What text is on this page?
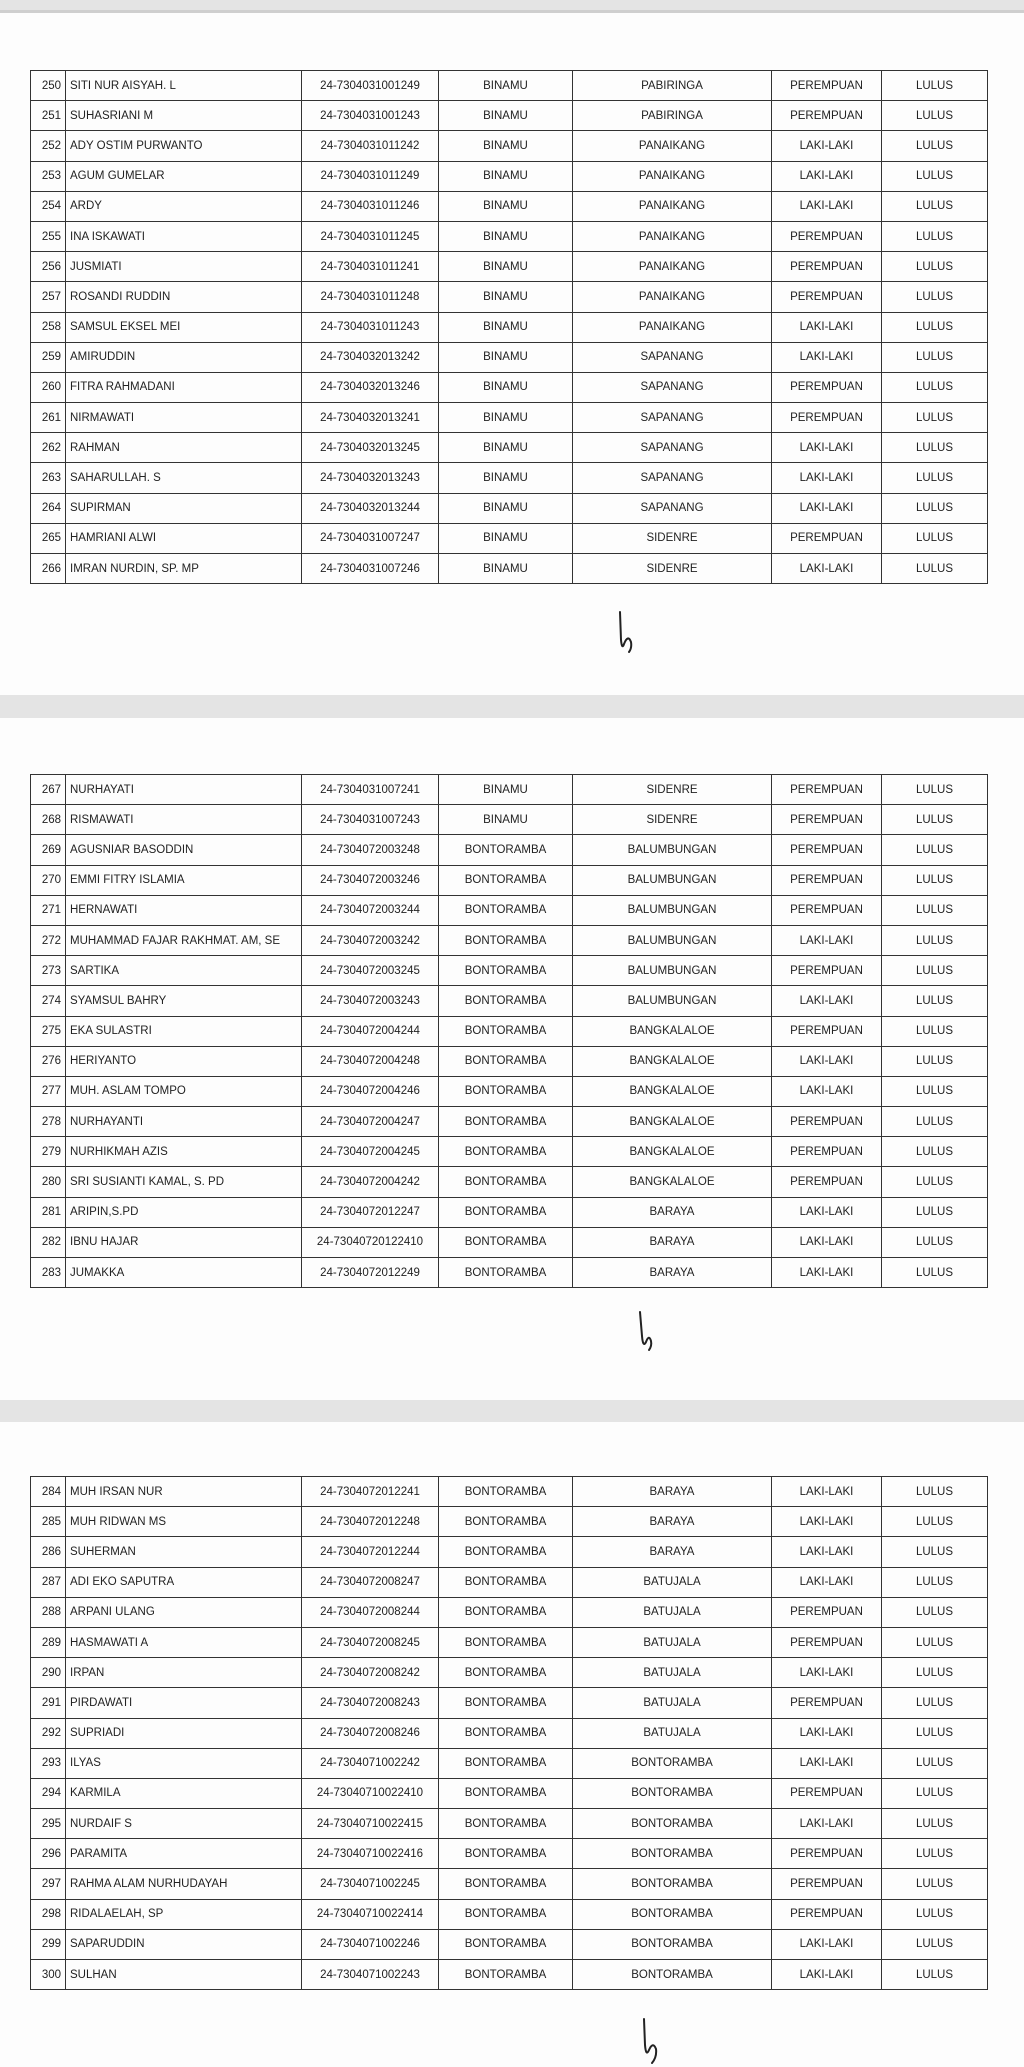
250	SITI NUR AISYAH. L	24-7304031001249	BINAMU	PABIRINGA	PEREMPUAN	LULUS
251	SUHASRIANI M	24-7304031001243	BINAMU	PABIRINGA	PEREMPUAN	LULUS
252	ADY OSTIM PURWANTO	24-7304031011242	BINAMU	PANAIKANG	LAKI-LAKI	LULUS
253	AGUM GUMELAR	24-7304031011249	BINAMU	PANAIKANG	LAKI-LAKI	LULUS
254	ARDY	24-7304031011246	BINAMU	PANAIKANG	LAKI-LAKI	LULUS
255	INA ISKAWATI	24-7304031011245	BINAMU	PANAIKANG	PEREMPUAN	LULUS
256	JUSMIATI	24-7304031011241	BINAMU	PANAIKANG	PEREMPUAN	LULUS
257	ROSANDI RUDDIN	24-7304031011248	BINAMU	PANAIKANG	PEREMPUAN	LULUS
258	SAMSUL EKSEL MEI	24-7304031011243	BINAMU	PANAIKANG	LAKI-LAKI	LULUS
259	AMIRUDDIN	24-7304032013242	BINAMU	SAPANANG	LAKI-LAKI	LULUS
260	FITRA RAHMADANI	24-7304032013246	BINAMU	SAPANANG	PEREMPUAN	LULUS
261	NIRMAWATI	24-7304032013241	BINAMU	SAPANANG	PEREMPUAN	LULUS
262	RAHMAN	24-7304032013245	BINAMU	SAPANANG	LAKI-LAKI	LULUS
263	SAHARULLAH. S	24-7304032013243	BINAMU	SAPANANG	LAKI-LAKI	LULUS
264	SUPIRMAN	24-7304032013244	BINAMU	SAPANANG	LAKI-LAKI	LULUS
265	HAMRIANI ALWI	24-7304031007247	BINAMU	SIDENRE	PEREMPUAN	LULUS
266	IMRAN NURDIN, SP. MP	24-7304031007246	BINAMU	SIDENRE	LAKI-LAKI	LULUS
267	NURHAYATI	24-7304031007241	BINAMU	SIDENRE	PEREMPUAN	LULUS
268	RISMAWATI	24-7304031007243	BINAMU	SIDENRE	PEREMPUAN	LULUS
269	AGUSNIAR BASODDIN	24-7304072003248	BONTORAMBA	BALUMBUNGAN	PEREMPUAN	LULUS
270	EMMI FITRY ISLAMIA	24-7304072003246	BONTORAMBA	BALUMBUNGAN	PEREMPUAN	LULUS
271	HERNAWATI	24-7304072003244	BONTORAMBA	BALUMBUNGAN	PEREMPUAN	LULUS
272	MUHAMMAD FAJAR RAKHMAT. AM, SE	24-7304072003242	BONTORAMBA	BALUMBUNGAN	LAKI-LAKI	LULUS
273	SARTIKA	24-7304072003245	BONTORAMBA	BALUMBUNGAN	PEREMPUAN	LULUS
274	SYAMSUL BAHRY	24-7304072003243	BONTORAMBA	BALUMBUNGAN	LAKI-LAKI	LULUS
275	EKA SULASTRI	24-7304072004244	BONTORAMBA	BANGKALALOE	PEREMPUAN	LULUS
276	HERIYANTO	24-7304072004248	BONTORAMBA	BANGKALALOE	LAKI-LAKI	LULUS
277	MUH. ASLAM TOMPO	24-7304072004246	BONTORAMBA	BANGKALALOE	LAKI-LAKI	LULUS
278	NURHAYANTI	24-7304072004247	BONTORAMBA	BANGKALALOE	PEREMPUAN	LULUS
279	NURHIKMAH AZIS	24-7304072004245	BONTORAMBA	BANGKALALOE	PEREMPUAN	LULUS
280	SRI SUSIANTI KAMAL, S. PD	24-7304072004242	BONTORAMBA	BANGKALALOE	PEREMPUAN	LULUS
281	ARIPIN,S.PD	24-7304072012247	BONTORAMBA	BARAYA	LAKI-LAKI	LULUS
282	IBNU HAJAR	24-73040720122410	BONTORAMBA	BARAYA	LAKI-LAKI	LULUS
283	JUMAKKA	24-7304072012249	BONTORAMBA	BARAYA	LAKI-LAKI	LULUS
284	MUH IRSAN NUR	24-7304072012241	BONTORAMBA	BARAYA	LAKI-LAKI	LULUS
285	MUH RIDWAN MS	24-7304072012248	BONTORAMBA	BARAYA	LAKI-LAKI	LULUS
286	SUHERMAN	24-7304072012244	BONTORAMBA	BARAYA	LAKI-LAKI	LULUS
287	ADI EKO SAPUTRA	24-7304072008247	BONTORAMBA	BATUJALA	LAKI-LAKI	LULUS
288	ARPANI ULANG	24-7304072008244	BONTORAMBA	BATUJALA	PEREMPUAN	LULUS
289	HASMAWATI A	24-7304072008245	BONTORAMBA	BATUJALA	PEREMPUAN	LULUS
290	IRPAN	24-7304072008242	BONTORAMBA	BATUJALA	LAKI-LAKI	LULUS
291	PIRDAWATI	24-7304072008243	BONTORAMBA	BATUJALA	PEREMPUAN	LULUS
292	SUPRIADI	24-7304072008246	BONTORAMBA	BATUJALA	LAKI-LAKI	LULUS
293	ILYAS	24-7304071002242	BONTORAMBA	BONTORAMBA	LAKI-LAKI	LULUS
294	KARMILA	24-73040710022410	BONTORAMBA	BONTORAMBA	PEREMPUAN	LULUS
295	NURDAIF S	24-73040710022415	BONTORAMBA	BONTORAMBA	LAKI-LAKI	LULUS
296	PARAMITA	24-73040710022416	BONTORAMBA	BONTORAMBA	PEREMPUAN	LULUS
297	RAHMA ALAM NURHUDAYAH	24-7304071002245	BONTORAMBA	BONTORAMBA	PEREMPUAN	LULUS
298	RIDALAELAH, SP	24-73040710022414	BONTORAMBA	BONTORAMBA	PEREMPUAN	LULUS
299	SAPARUDDIN	24-7304071002246	BONTORAMBA	BONTORAMBA	LAKI-LAKI	LULUS
300	SULHAN	24-7304071002243	BONTORAMBA	BONTORAMBA	LAKI-LAKI	LULUS
